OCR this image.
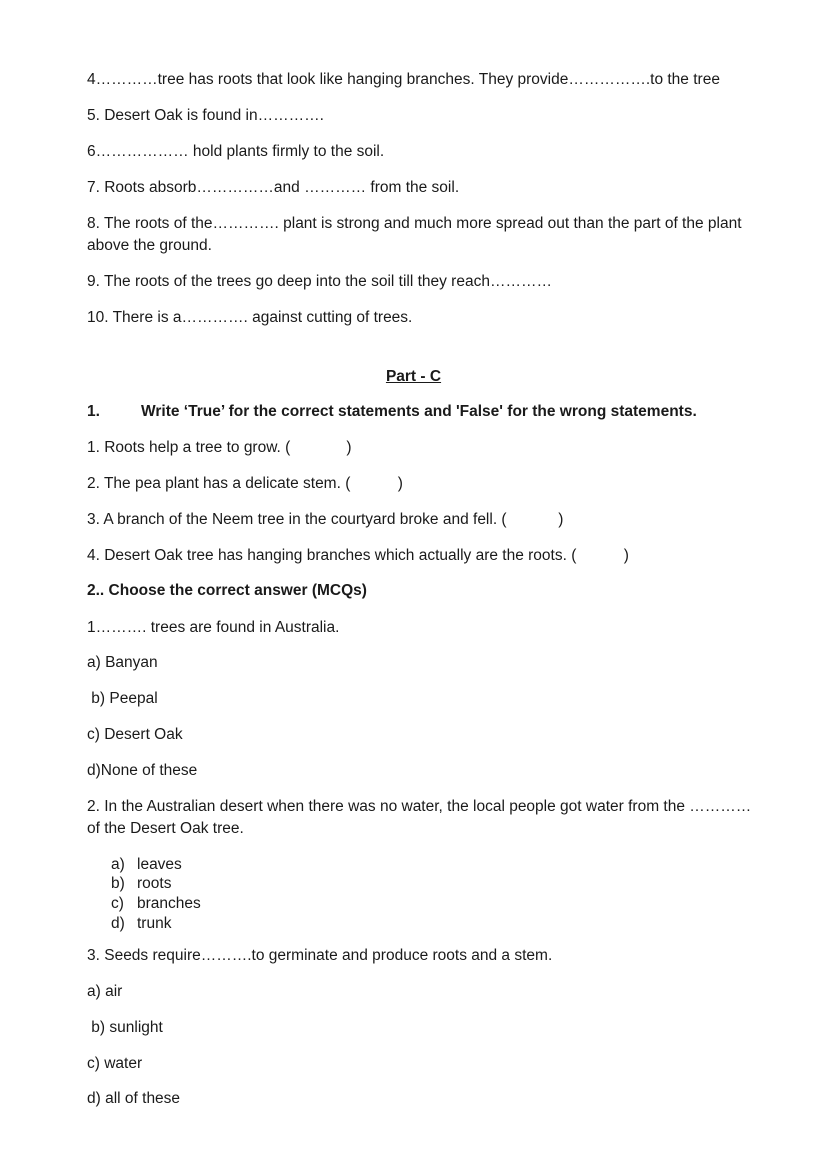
4…………tree has roots that look like hanging branches. They provide…………….to the tree
5. Desert Oak is found in………….
6……………… hold plants firmly to the soil.
7. Roots absorb……………and ………… from the soil.
8. The roots of the…………. plant is strong and much more spread out than the part of the plant above the ground.
9. The roots of the trees go deep into the soil till they reach…………
10. There is a…………. against cutting of trees.
Part - C
1.	Write ‘True’ for the correct statements and 'False' for the wrong statements.
1. Roots help a tree to grow. (             )
2. The pea plant has a delicate stem. (           )
3. A branch of the Neem tree in the courtyard broke and fell. (            )
4. Desert Oak tree has hanging branches which actually are the roots. (           )
2.. Choose the correct answer (MCQs)
1………. trees are found in Australia.
a) Banyan
b) Peepal
c) Desert Oak
d)None of these
2. In the Australian desert when there was no water, the local people got water from the …………of the Desert Oak tree.
a) leaves
b) roots
c) branches
d) trunk
3. Seeds require……….to germinate and produce roots and a stem.
a) air
b) sunlight
c) water
d) all of these
